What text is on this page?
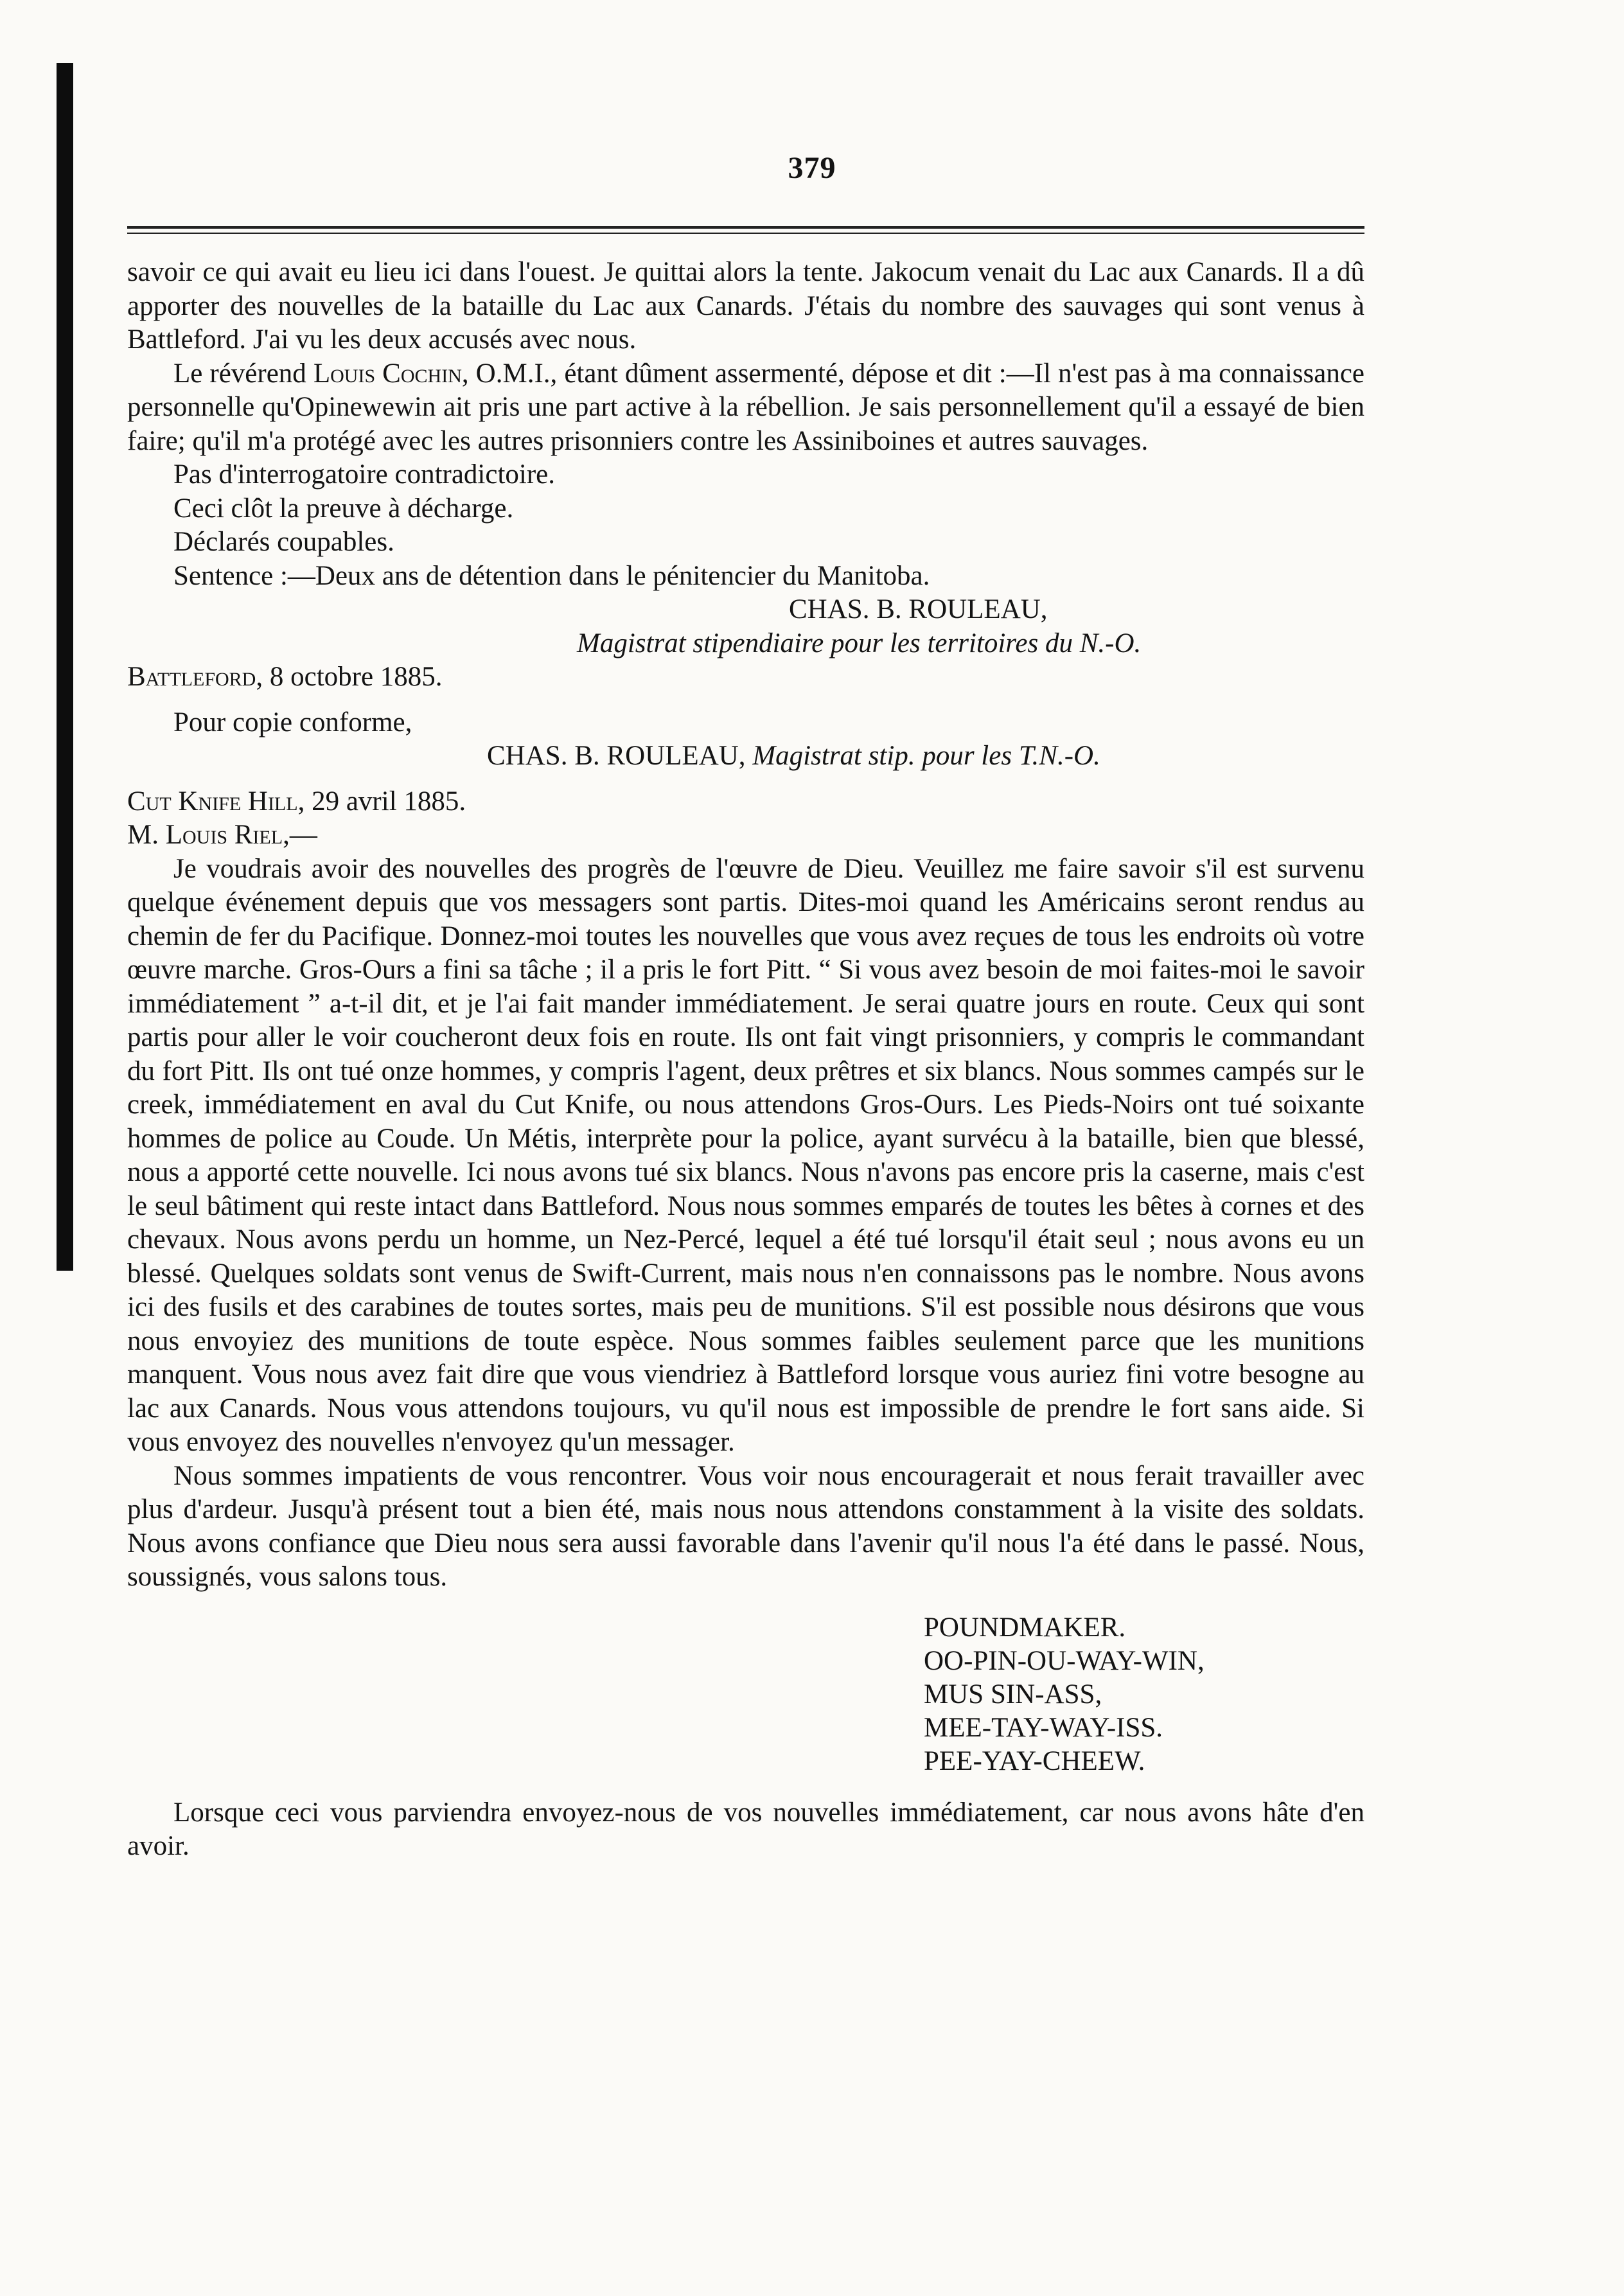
379

savoir ce qui avait eu lieu ici dans l'ouest. Je quittai alors la tente. Jakocum venait du Lac aux Canards. Il a dû apporter des nouvelles de la bataille du Lac aux Canards. J'étais du nombre des sauvages qui sont venus à Battleford. J'ai vu les deux accusés avec nous.

Le révérend Louis Cochin, O.M.I., étant dûment assermenté, dépose et dit :—Il n'est pas à ma connaissance personnelle qu'Opinewewin ait pris une part active à la rébellion. Je sais personnellement qu'il a essayé de bien faire; qu'il m'a protégé avec les autres prisonniers contre les Assiniboines et autres sauvages.

Pas d'interrogatoire contradictoire.

Ceci clôt la preuve à décharge.

Déclarés coupables.

Sentence :—Deux ans de détention dans le pénitencier du Manitoba.

CHAS. B. ROULEAU,

Magistrat stipendiaire pour les territoires du N.-O.

Battleford, 8 octobre 1885.

Pour copie conforme,

CHAS. B. ROULEAU, Magistrat stip. pour les T.N.-O.

Cut Knife Hill, 29 avril 1885.

M. Louis Riel,—

Je voudrais avoir des nouvelles des progrès de l'œuvre de Dieu. Veuillez me faire savoir s'il est survenu quelque événement depuis que vos messagers sont partis. Dites-moi quand les Américains seront rendus au chemin de fer du Pacifique. Donnez-moi toutes les nouvelles que vous avez reçues de tous les endroits où votre œuvre marche. Gros-Ours a fini sa tâche ; il a pris le fort Pitt. “ Si vous avez besoin de moi faites-moi le savoir immédiatement ” a-t-il dit, et je l'ai fait mander immédiatement. Je serai quatre jours en route. Ceux qui sont partis pour aller le voir coucheront deux fois en route. Ils ont fait vingt prisonniers, y compris le commandant du fort Pitt. Ils ont tué onze hommes, y compris l'agent, deux prêtres et six blancs. Nous sommes campés sur le creek, immédiatement en aval du Cut Knife, ou nous attendons Gros-Ours. Les Pieds-Noirs ont tué soixante hommes de police au Coude. Un Métis, interprète pour la police, ayant survécu à la bataille, bien que blessé, nous a apporté cette nouvelle. Ici nous avons tué six blancs. Nous n'avons pas encore pris la caserne, mais c'est le seul bâtiment qui reste intact dans Battleford. Nous nous sommes emparés de toutes les bêtes à cornes et des chevaux. Nous avons perdu un homme, un Nez-Percé, lequel a été tué lorsqu'il était seul ; nous avons eu un blessé. Quelques soldats sont venus de Swift-Current, mais nous n'en connaissons pas le nombre. Nous avons ici des fusils et des carabines de toutes sortes, mais peu de munitions. S'il est possible nous désirons que vous nous envoyiez des munitions de toute espèce. Nous sommes faibles seulement parce que les munitions manquent. Vous nous avez fait dire que vous viendriez à Battleford lorsque vous auriez fini votre besogne au lac aux Canards. Nous vous attendons toujours, vu qu'il nous est impossible de prendre le fort sans aide. Si vous envoyez des nouvelles n'envoyez qu'un messager.

Nous sommes impatients de vous rencontrer. Vous voir nous encouragerait et nous ferait travailler avec plus d'ardeur. Jusqu'à présent tout a bien été, mais nous nous attendons constamment à la visite des soldats. Nous avons confiance que Dieu nous sera aussi favorable dans l'avenir qu'il nous l'a été dans le passé. Nous, soussignés, vous salons tous.

POUNDMAKER.
OO-PIN-OU-WAY-WIN,
MUS SIN-ASS,
MEE-TAY-WAY-ISS.
PEE-YAY-CHEEW.

Lorsque ceci vous parviendra envoyez-nous de vos nouvelles immédiatement, car nous avons hâte d'en avoir.
